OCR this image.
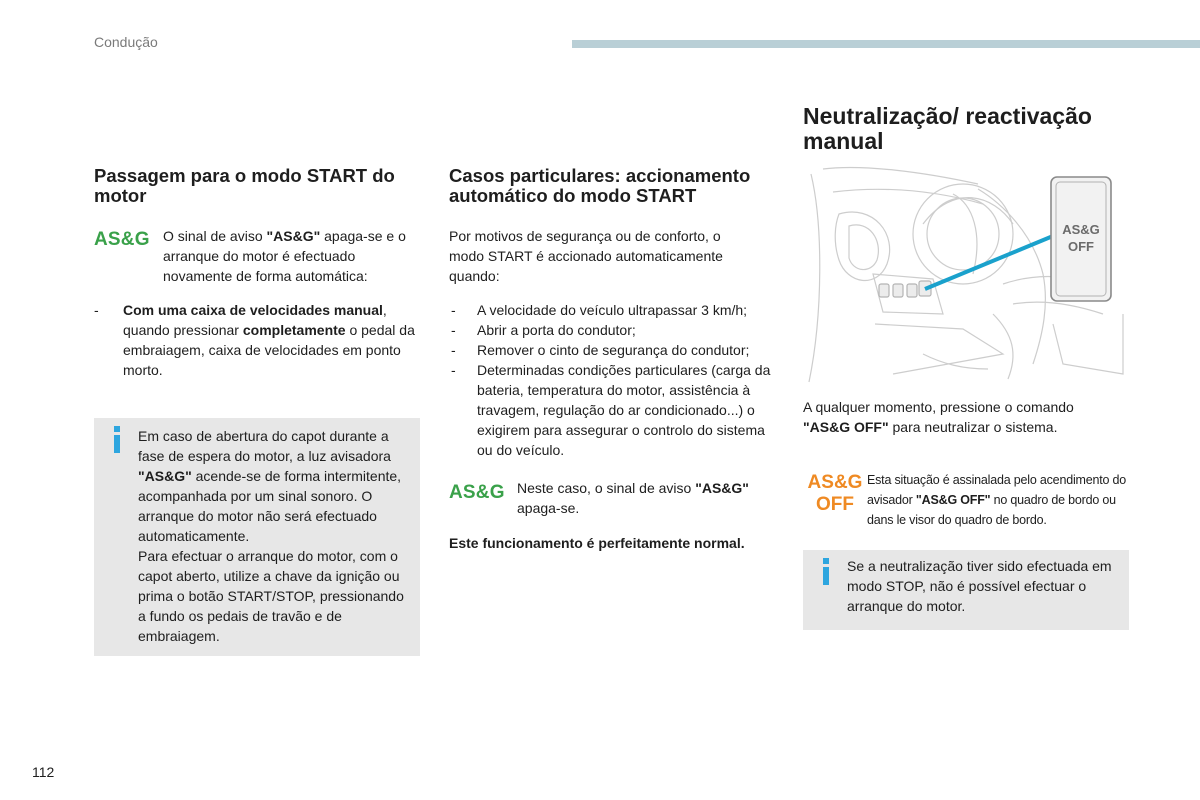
Condução
Passagem para o modo START do motor
AS&G O sinal de aviso "AS&G" apaga-se e o arranque do motor é efectuado novamente de forma automática:

- Com uma caixa de velocidades manual, quando pressionar completamente o pedal da embraiagem, caixa de velocidades em ponto morto.

Em caso de abertura do capot durante a fase de espera do motor, a luz avisadora "AS&G" acende-se de forma intermitente, acompanhada por um sinal sonoro. O arranque do motor não será efectuado automaticamente.

Para efectuar o arranque do motor, com o capot aberto, utilize a chave da ignição ou prima o botão START/STOP, pressionando a fundo os pedais de travão e de embraiagem.

Casos particulares: accionamento automático do modo START

Por motivos de segurança ou de conforto, o modo START é accionado automaticamente quando:

- A velocidade do veículo ultrapassar 3 km/h;
- Abrir a porta do condutor;
- Remover o cinto de segurança do condutor;
- Determinadas condições particulares (carga da bateria, temperatura do motor, assistência à travagem, regulação do ar condicionado...) o exigirem para assegurar o controlo do sistema ou do veículo.
AS&G Neste caso, o sinal de aviso "AS&G" apaga-se.

Este funcionamento é perfeitamente normal.

Neutralização/ reactivação manual
AS&G
OFF

A qualquer momento, pressione o comando "AS&G OFF" para neutralizar o sistema.

AS&G
OFF

Esta situação é assinalada pelo acendimento do avisador "AS&G OFF" no quadro de bordo ou dans le visor do quadro de bordo.

Se a neutralização tiver sido efectuada em modo STOP, não é possível efectuar o arranque do motor.

112
